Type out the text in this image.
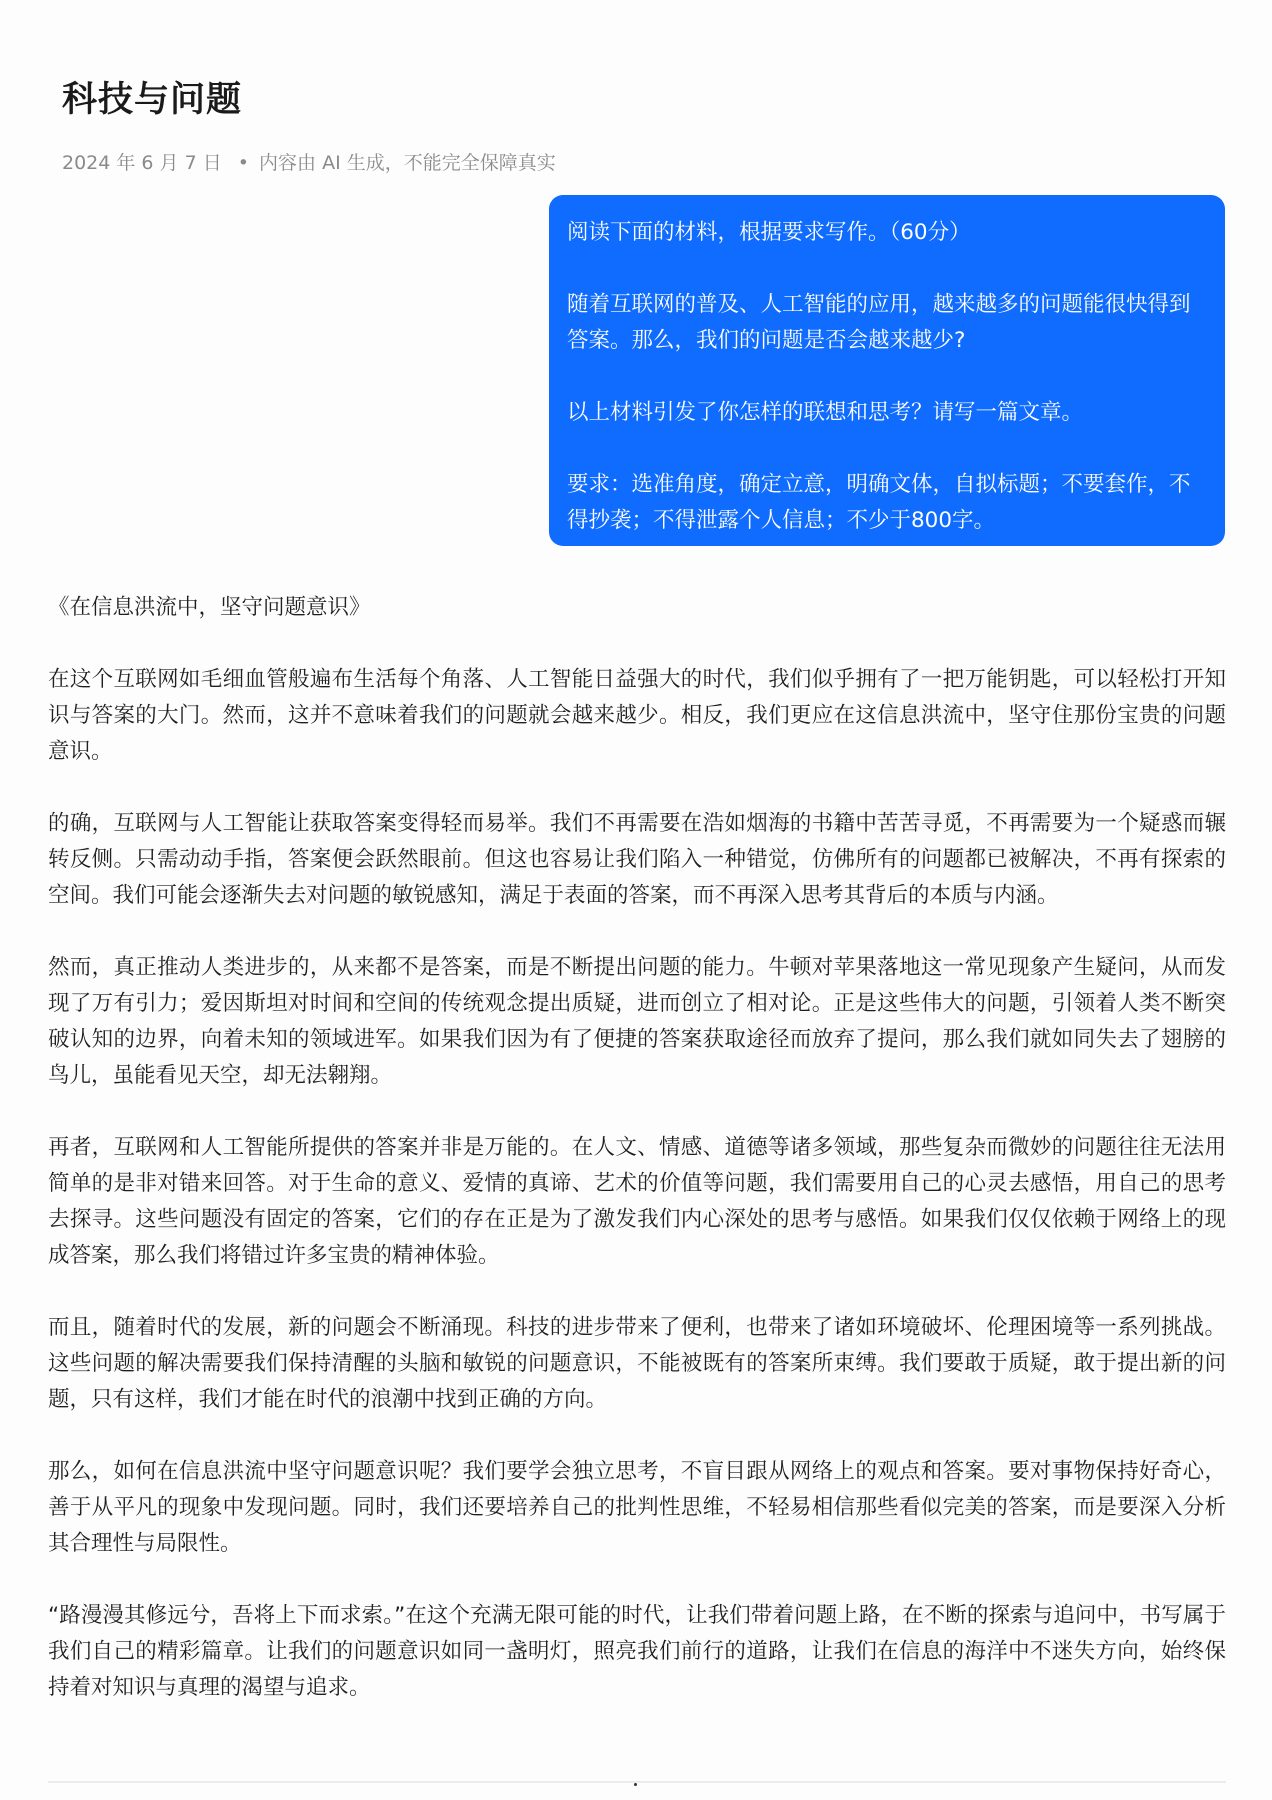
科技与问题
2024 年 6 月 7 日 • 内容由 AI 生成，不能完全保障真实

阅读下面的材料，根据要求写作。（60分）

随着互联网的普及、人工智能的应用，越来越多的问题能很快得到答案。那么，我们的问题是否会越来越少?

以上材料引发了你怎样的联想和思考？请写一篇文章。

要求：选准角度，确定立意，明确文体，自拟标题；不要套作，不得抄袭；不得泄露个人信息；不少于800字。

《在信息洪流中，坚守问题意识》

在这个互联网如毛细血管般遍布生活每个角落、人工智能日益强大的时代，我们似乎拥有了一把万能钥匙，可以轻松打开知识与答案的大门。然而，这并不意味着我们的问题就会越来越少。相反，我们更应在这信息洪流中，坚守住那份宝贵的问题意识。

的确，互联网与人工智能让获取答案变得轻而易举。我们不再需要在浩如烟海的书籍中苦苦寻觅，不再需要为一个疑惑而辗转反侧。只需动动手指，答案便会跃然眼前。但这也容易让我们陷入一种错觉，仿佛所有的问题都已被解决，不再有探索的空间。我们可能会逐渐失去对问题的敏锐感知，满足于表面的答案，而不再深入思考其背后的本质与内涵。

然而，真正推动人类进步的，从来都不是答案，而是不断提出问题的能力。牛顿对苹果落地这一常见现象产生疑问，从而发现了万有引力；爱因斯坦对时间和空间的传统观念提出质疑，进而创立了相对论。正是这些伟大的问题，引领着人类不断突破认知的边界，向着未知的领域进军。如果我们因为有了便捷的答案获取途径而放弃了提问，那么我们就如同失去了翅膀的鸟儿，虽能看见天空，却无法翱翔。

再者，互联网和人工智能所提供的答案并非是万能的。在人文、情感、道德等诸多领域，那些复杂而微妙的问题往往无法用简单的是非对错来回答。对于生命的意义、爱情的真谛、艺术的价值等问题，我们需要用自己的心灵去感悟，用自己的思考去探寻。这些问题没有固定的答案，它们的存在正是为了激发我们内心深处的思考与感悟。如果我们仅仅依赖于网络上的现成答案，那么我们将错过许多宝贵的精神体验。

而且，随着时代的发展，新的问题会不断涌现。科技的进步带来了便利，也带来了诸如环境破坏、伦理困境等一系列挑战。这些问题的解决需要我们保持清醒的头脑和敏锐的问题意识，不能被既有的答案所束缚。我们要敢于质疑，敢于提出新的问题，只有这样，我们才能在时代的浪潮中找到正确的方向。

那么，如何在信息洪流中坚守问题意识呢？我们要学会独立思考，不盲目跟从网络上的观点和答案。要对事物保持好奇心，善于从平凡的现象中发现问题。同时，我们还要培养自己的批判性思维，不轻易相信那些看似完美的答案，而是要深入分析其合理性与局限性。

“路漫漫其修远兮，吾将上下而求索。”在这个充满无限可能的时代，让我们带着问题上路，在不断的探索与追问中，书写属于我们自己的精彩篇章。让我们的问题意识如同一盏明灯，照亮我们前行的道路，让我们在信息的海洋中不迷失方向，始终保持着对知识与真理的渴望与追求。
